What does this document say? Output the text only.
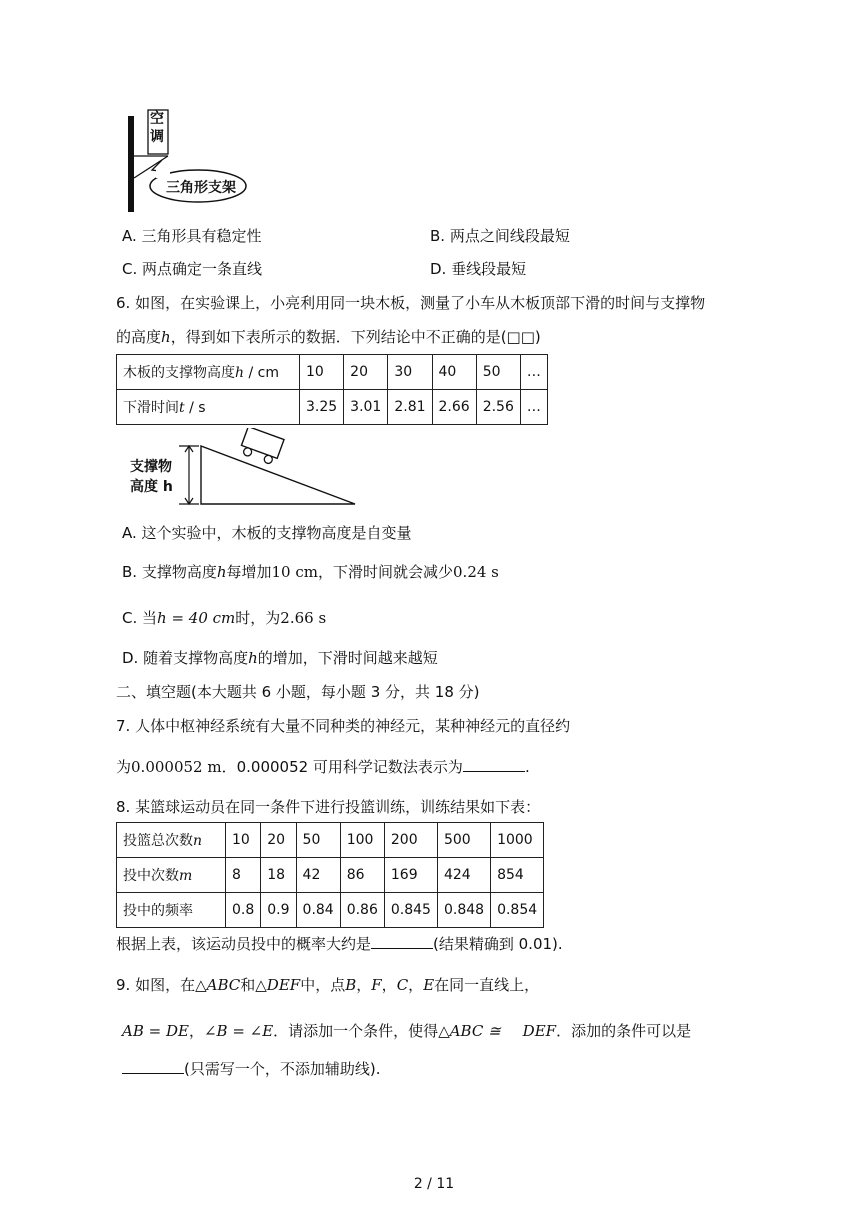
空调
三角形支架
A. 三角形具有稳定性	B. 两点之间线段最短
C. 两点确定一条直线	D. 垂线段最短
6. 如图，在实验课上，小亮利用同一块木板，测量了小车从木板顶部下滑的时间与支撑物
的高度h，得到如下表所示的数据．下列结论中不正确的是(□□)
木板的支撑物高度h / cm	10	20	30	40	50	…
下滑时间t / s	3.25	3.01	2.81	2.66	2.56	…
支撑物
高度 h
A. 这个实验中，木板的支撑物高度是自变量
B. 支撑物高度h每增加10 cm，下滑时间就会减少0.24 s
C. 当h = 40 cm时，为2.66 s
D. 随着支撑物高度h的增加，下滑时间越来越短
二、填空题(本大题共 6 小题，每小题 3 分，共 18 分)
7. 人体中枢神经系统有大量不同种类的神经元，某种神经元的直径约
为0.000052 m．0.000052 可用科学记数法表示为	.
8. 某篮球运动员在同一条件下进行投篮训练，训练结果如下表：
投篮总次数n	10	20	50	100	200	500	1000
投中次数m	8	18	42	86	169	424	854
投中的频率	0.8	0.9	0.84	0.86	0.845	0.848	0.854
根据上表，该运动员投中的概率大约是	(结果精确到 0.01).
9. 如图，在△ABC和△DEF中，点B，F，C，E在同一直线上，
AB = DE，∠B = ∠E．请添加一个条件，使得△ABC ≅ DEF．添加的条件可以是
(只需写一个，不添加辅助线).
2 / 11
